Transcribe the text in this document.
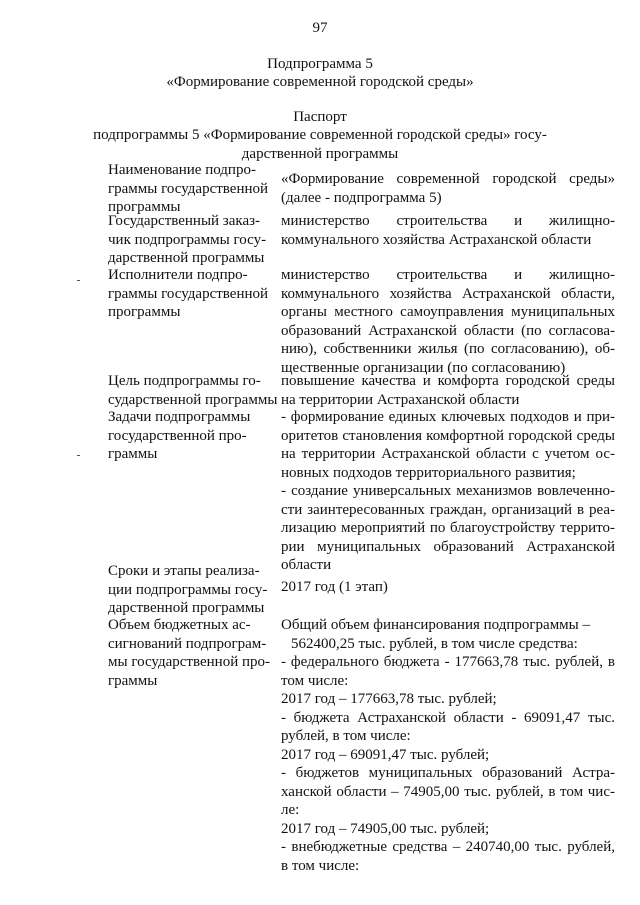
97
Подпрограмма 5
«Формирование современной городской среды»
Паспорт
подпрограммы 5 «Формирование современной городской среды» госу-
дарственной программы
Наименование подпро-
граммы государственной
программы
«Формирование современной городской среды»
(далее - подпрограмма 5)
Государственный заказ-
чик подпрограммы госу-
дарственной программы
министерство строительства и жилищно-
коммунального хозяйства Астраханской области
Исполнители подпро-
граммы государственной
программы
министерство строительства и жилищно-
коммунального хозяйства Астраханской области,
органы местного самоуправления муниципальных
образований Астраханской области (по согласова-
нию), собственники жилья (по согласованию), об-
щественные организации (по согласованию)
Цель подпрограммы го-
сударственной программы
повышение качества и комфорта городской среды
на территории Астраханской области
Задачи подпрограммы
государственной про-
граммы
- формирование единых ключевых подходов и при-
оритетов становления комфортной городской среды
на территории Астраханской области с учетом ос-
новных подходов территориального развития;
- создание универсальных механизмов вовлеченно-
сти заинтересованных граждан, организаций в реа-
лизацию мероприятий по благоустройству террито-
рии муниципальных образований Астраханской
области
Сроки и этапы реализа-
ции подпрограммы госу-
дарственной программы
2017 год (1 этап)
Объем бюджетных ас-
сигнований подпрограм-
мы государственной про-
граммы
Общий объем финансирования подпрограммы –
562400,25 тыс. рублей, в том числе средства:
- федерального бюджета - 177663,78 тыс. рублей, в
том числе:
2017 год – 177663,78 тыс. рублей;
- бюджета Астраханской области - 69091,47 тыс.
рублей, в том числе:
2017 год – 69091,47 тыс. рублей;
- бюджетов муниципальных образований Астра-
ханской области – 74905,00 тыс. рублей, в том чис-
ле:
2017 год – 74905,00 тыс. рублей;
- внебюджетные средства – 240740,00 тыс. рублей,
в том числе:
